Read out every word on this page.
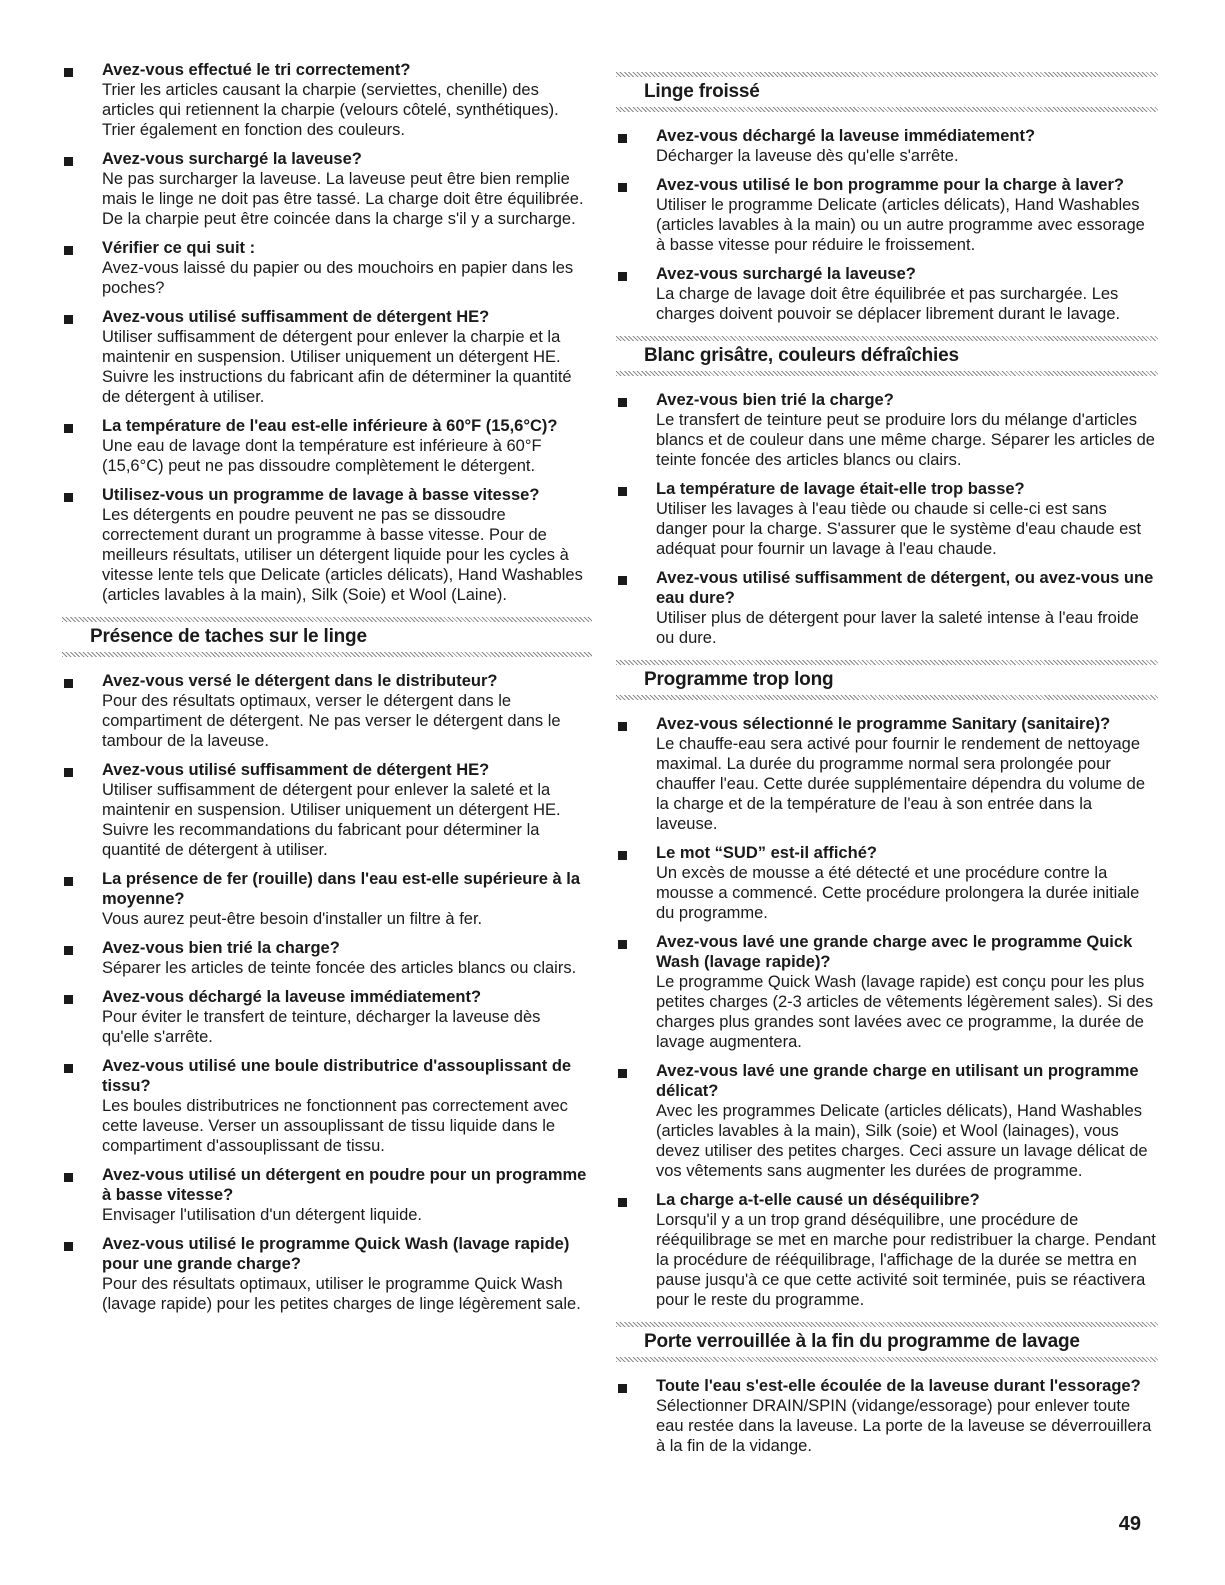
Avez-vous effectué le tri correctement?
Trier les articles causant la charpie (serviettes, chenille) des articles qui retiennent la charpie (velours côtelé, synthétiques). Trier également en fonction des couleurs.
Avez-vous surchargé la laveuse?
Ne pas surcharger la laveuse. La laveuse peut être bien remplie mais le linge ne doit pas être tassé. La charge doit être équilibrée. De la charpie peut être coincée dans la charge s'il y a surcharge.
Vérifier ce qui suit :
Avez-vous laissé du papier ou des mouchoirs en papier dans les poches?
Avez-vous utilisé suffisamment de détergent HE?
Utiliser suffisamment de détergent pour enlever la charpie et la maintenir en suspension. Utiliser uniquement un détergent HE. Suivre les instructions du fabricant afin de déterminer la quantité de détergent à utiliser.
La température de l'eau est-elle inférieure à 60°F (15,6°C)?
Une eau de lavage dont la température est inférieure à 60°F (15,6°C) peut ne pas dissoudre complètement le détergent.
Utilisez-vous un programme de lavage à basse vitesse?
Les détergents en poudre peuvent ne pas se dissoudre correctement durant un programme à basse vitesse. Pour de meilleurs résultats, utiliser un détergent liquide pour les cycles à vitesse lente tels que Delicate (articles délicats), Hand Washables (articles lavables à la main), Silk (Soie) et Wool (Laine).
Présence de taches sur le linge
Avez-vous versé le détergent dans le distributeur?
Pour des résultats optimaux, verser le détergent dans le compartiment de détergent. Ne pas verser le détergent dans le tambour de la laveuse.
Avez-vous utilisé suffisamment de détergent HE?
Utiliser suffisamment de détergent pour enlever la saleté et la maintenir en suspension. Utiliser uniquement un détergent HE. Suivre les recommandations du fabricant pour déterminer la quantité de détergent à utiliser.
La présence de fer (rouille) dans l'eau est-elle supérieure à la moyenne?
Vous aurez peut-être besoin d'installer un filtre à fer.
Avez-vous bien trié la charge?
Séparer les articles de teinte foncée des articles blancs ou clairs.
Avez-vous déchargé la laveuse immédiatement?
Pour éviter le transfert de teinture, décharger la laveuse dès qu'elle s'arrête.
Avez-vous utilisé une boule distributrice d'assouplissant de tissu?
Les boules distributrices ne fonctionnent pas correctement avec cette laveuse. Verser un assouplissant de tissu liquide dans le compartiment d'assouplissant de tissu.
Avez-vous utilisé un détergent en poudre pour un programme à basse vitesse?
Envisager l'utilisation d'un détergent liquide.
Avez-vous utilisé le programme Quick Wash (lavage rapide) pour une grande charge?
Pour des résultats optimaux, utiliser le programme Quick Wash (lavage rapide) pour les petites charges de linge légèrement sale.
Linge froissé
Avez-vous déchargé la laveuse immédiatement?
Décharger la laveuse dès qu'elle s'arrête.
Avez-vous utilisé le bon programme pour la charge à laver?
Utiliser le programme Delicate (articles délicats), Hand Washables (articles lavables à la main) ou un autre programme avec essorage à basse vitesse pour réduire le froissement.
Avez-vous surchargé la laveuse?
La charge de lavage doit être équilibrée et pas surchargée. Les charges doivent pouvoir se déplacer librement durant le lavage.
Blanc grisâtre, couleurs défraîchies
Avez-vous bien trié la charge?
Le transfert de teinture peut se produire lors du mélange d'articles blancs et de couleur dans une même charge. Séparer les articles de teinte foncée des articles blancs ou clairs.
La température de lavage était-elle trop basse?
Utiliser les lavages à l'eau tiède ou chaude si celle-ci est sans danger pour la charge. S'assurer que le système d'eau chaude est adéquat pour fournir un lavage à l'eau chaude.
Avez-vous utilisé suffisamment de détergent, ou avez-vous une eau dure?
Utiliser plus de détergent pour laver la saleté intense à l'eau froide ou dure.
Programme trop long
Avez-vous sélectionné le programme Sanitary (sanitaire)?
Le chauffe-eau sera activé pour fournir le rendement de nettoyage maximal. La durée du programme normal sera prolongée pour chauffer l'eau. Cette durée supplémentaire dépendra du volume de la charge et de la température de l'eau à son entrée dans la laveuse.
Le mot “SUD” est-il affiché?
Un excès de mousse a été détecté et une procédure contre la mousse a commencé. Cette procédure prolongera la durée initiale du programme.
Avez-vous lavé une grande charge avec le programme Quick Wash (lavage rapide)?
Le programme Quick Wash (lavage rapide) est conçu pour les plus petites charges (2-3 articles de vêtements légèrement sales). Si des charges plus grandes sont lavées avec ce programme, la durée de lavage augmentera.
Avez-vous lavé une grande charge en utilisant un programme délicat?
Avec les programmes Delicate (articles délicats), Hand Washables (articles lavables à la main), Silk (soie) et Wool (lainages), vous devez utiliser des petites charges. Ceci assure un lavage délicat de vos vêtements sans augmenter les durées de programme.
La charge a-t-elle causé un déséquilibre?
Lorsqu'il y a un trop grand déséquilibre, une procédure de rééquilibrage se met en marche pour redistribuer la charge. Pendant la procédure de rééquilibrage, l'affichage de la durée se mettra en pause jusqu'à ce que cette activité soit terminée, puis se réactivera pour le reste du programme.
Porte verrouillée à la fin du programme de lavage
Toute l'eau s'est-elle écoulée de la laveuse durant l'essorage?
Sélectionner DRAIN/SPIN (vidange/essorage) pour enlever toute eau restée dans la laveuse. La porte de la laveuse se déverrouillera à la fin de la vidange.
49
